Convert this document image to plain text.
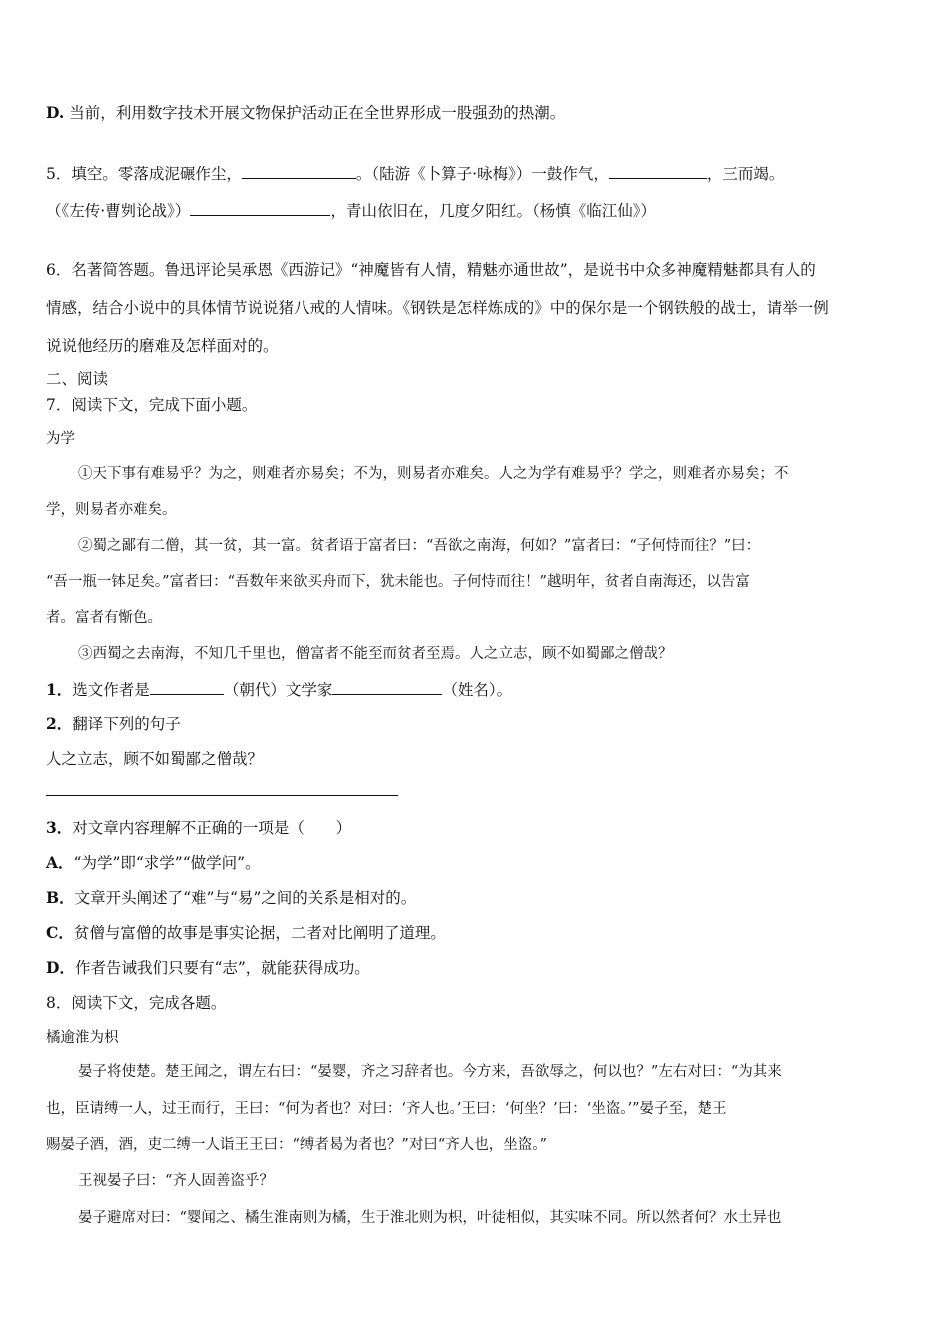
D. 当前，利用数字技术开展文物保护活动正在全世界形成一股强劲的热潮。
5．填空。零落成泥碾作尘，	。（陆游《卜算子·咏梅》）一鼓作气，	，三而竭。
（《左传·曹刿论战》）	，青山依旧在，几度夕阳红。（杨慎《临江仙》）
6．名著简答题。鲁迅评论吴承恩《西游记》“神魔皆有人情，精魅亦通世故”，是说书中众多神魔精魅都具有人的
情感，结合小说中的具体情节说说猪八戒的人情味。《钢铁是怎样炼成的》中的保尔是一个钢铁般的战士，请举一例
说说他经历的磨难及怎样面对的。
二、阅读
7．阅读下文，完成下面小题。
为学
①天下事有难易乎？为之，则难者亦易矣；不为，则易者亦难矣。人之为学有难易乎？学之，则难者亦易矣；不
学，则易者亦难矣。
②蜀之鄙有二僧，其一贫，其一富。贫者语于富者曰：“吾欲之南海，何如？”富者曰：“子何恃而往？”曰：
“吾一瓶一钵足矣。”富者曰：“吾数年来欲买舟而下，犹未能也。子何恃而往！”越明年，贫者自南海还，以告富
者。富者有惭色。
③西蜀之去南海，不知几千里也，僧富者不能至而贫者至焉。人之立志，顾不如蜀鄙之僧哉？
1．选文作者是	（朝代）文学家	（姓名）。
2．翻译下列的句子
人之立志，顾不如蜀鄙之僧哉？
3．对文章内容理解不正确的一项是（　　）
A．“为学”即“求学”“做学问”。
B．文章开头阐述了“难”与“易”之间的关系是相对的。
C．贫僧与富僧的故事是事实论据，二者对比阐明了道理。
D．作者告诫我们只要有“志”，就能获得成功。
8．阅读下文，完成各题。
橘逾淮为枳
晏子将使楚。楚王闻之，谓左右曰：“晏婴，齐之习辞者也。今方来，吾欲辱之，何以也？”左右对曰：“为其来
也，臣请缚一人，过王而行，王曰：“何为者也？对曰：‘齐人也。’王曰：‘何坐？’曰：‘坐盗。’”晏子至，楚王
赐晏子酒，酒，吏二缚一人诣王王曰：“缚者曷为者也？”对曰“齐人也，坐盗。”
王视晏子曰：“齐人固善盗乎？
晏子避席对曰：“婴闻之、橘生淮南则为橘，生于淮北则为枳，叶徒相似，其实味不同。所以然者何？水土异也
